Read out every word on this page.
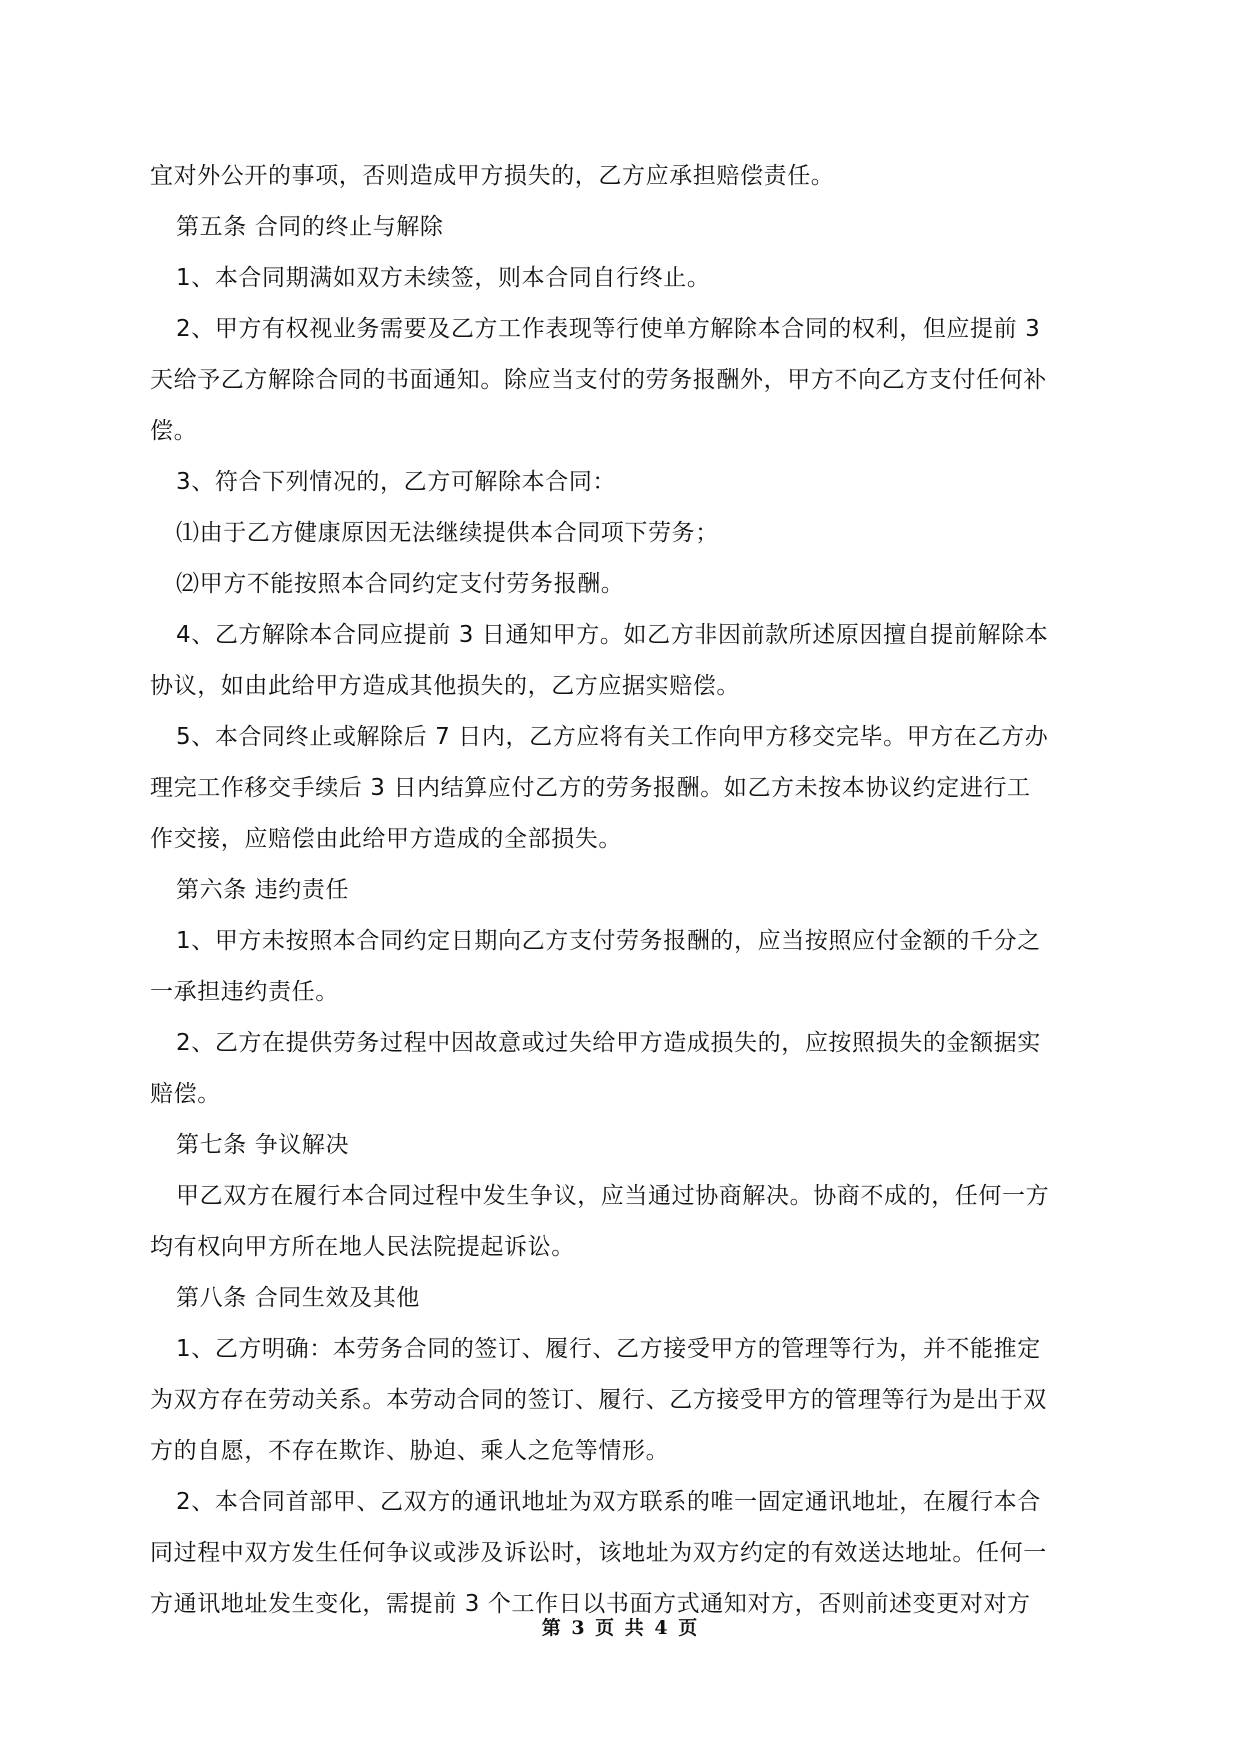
宜对外公开的事项，否则造成甲方损失的，乙方应承担赔偿责任。
第五条 合同的终止与解除
1、本合同期满如双方未续签，则本合同自行终止。
2、甲方有权视业务需要及乙方工作表现等行使单方解除本合同的权利，但应提前 3
天给予乙方解除合同的书面通知。除应当支付的劳务报酬外，甲方不向乙方支付任何补
偿。
3、符合下列情况的，乙方可解除本合同：
⑴由于乙方健康原因无法继续提供本合同项下劳务；
⑵甲方不能按照本合同约定支付劳务报酬。
4、乙方解除本合同应提前 3 日通知甲方。如乙方非因前款所述原因擅自提前解除本
协议，如由此给甲方造成其他损失的，乙方应据实赔偿。
5、本合同终止或解除后 7 日内，乙方应将有关工作向甲方移交完毕。甲方在乙方办
理完工作移交手续后 3 日内结算应付乙方的劳务报酬。如乙方未按本协议约定进行工
作交接，应赔偿由此给甲方造成的全部损失。
第六条 违约责任
1、甲方未按照本合同约定日期向乙方支付劳务报酬的，应当按照应付金额的千分之
一承担违约责任。
2、乙方在提供劳务过程中因故意或过失给甲方造成损失的，应按照损失的金额据实
赔偿。
第七条 争议解决
甲乙双方在履行本合同过程中发生争议，应当通过协商解决。协商不成的，任何一方
均有权向甲方所在地人民法院提起诉讼。
第八条 合同生效及其他
1、乙方明确：本劳务合同的签订、履行、乙方接受甲方的管理等行为，并不能推定
为双方存在劳动关系。本劳动合同的签订、履行、乙方接受甲方的管理等行为是出于双
方的自愿，不存在欺诈、胁迫、乘人之危等情形。
2、本合同首部甲、乙双方的通讯地址为双方联系的唯一固定通讯地址，在履行本合
同过程中双方发生任何争议或涉及诉讼时，该地址为双方约定的有效送达地址。任何一
方通讯地址发生变化，需提前 3 个工作日以书面方式通知对方，否则前述变更对对方
第 3 页 共 4 页
